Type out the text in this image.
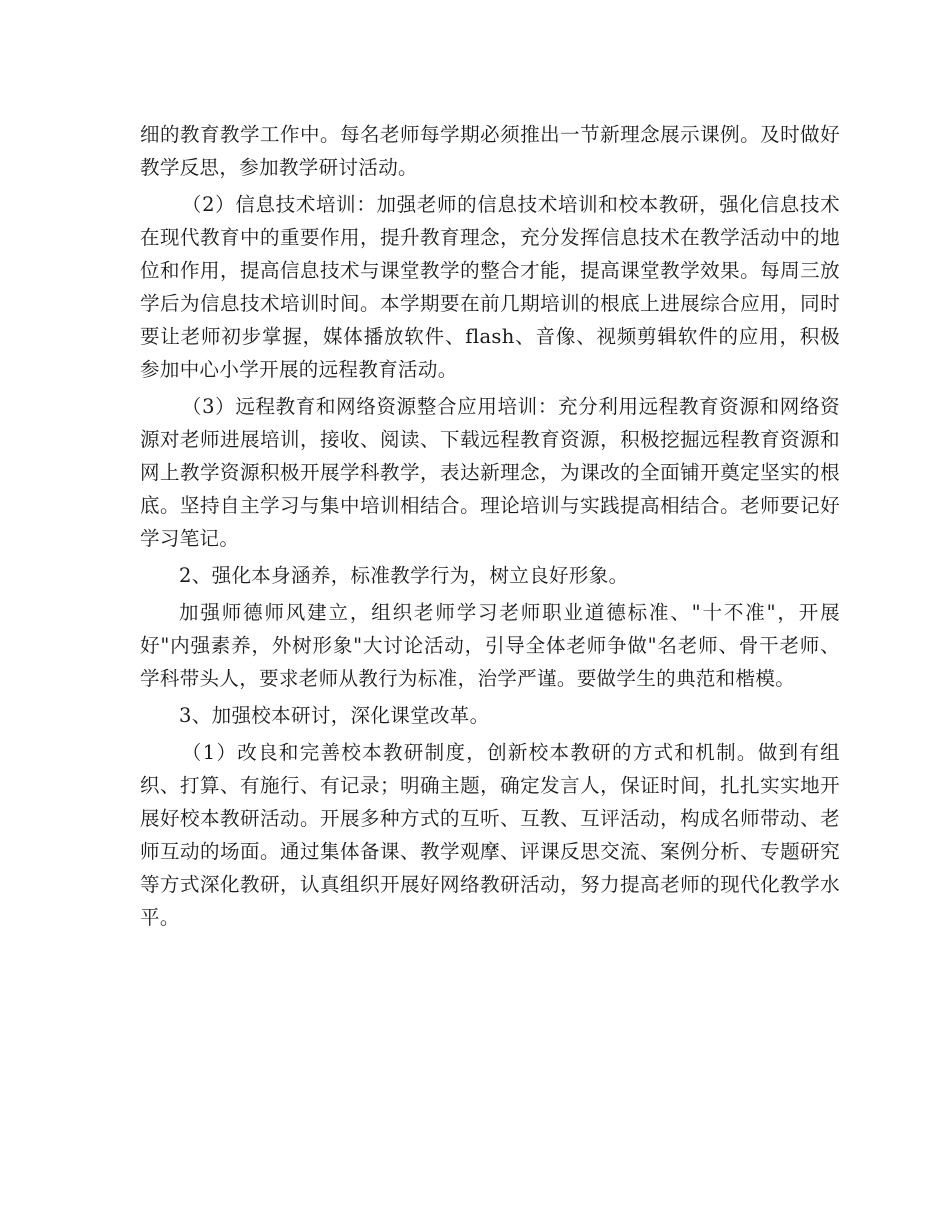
细的教育教学工作中。每名老师每学期必须推出一节新理念展示课例。及时做好教学反思，参加教学研讨活动。

（2）信息技术培训：加强老师的信息技术培训和校本教研，强化信息技术在现代教育中的重要作用，提升教育理念，充分发挥信息技术在教学活动中的地位和作用，提高信息技术与课堂教学的整合才能，提高课堂教学效果。每周三放学后为信息技术培训时间。本学期要在前几期培训的根底上进展综合应用，同时要让老师初步掌握，媒体播放软件、flash、音像、视频剪辑软件的应用，积极参加中心小学开展的远程教育活动。

（3）远程教育和网络资源整合应用培训：充分利用远程教育资源和网络资源对老师进展培训，接收、阅读、下载远程教育资源，积极挖掘远程教育资源和网上教学资源积极开展学科教学，表达新理念，为课改的全面铺开奠定坚实的根底。坚持自主学习与集中培训相结合。理论培训与实践提高相结合。老师要记好学习笔记。

2、强化本身涵养，标准教学行为，树立良好形象。

加强师德师风建立，组织老师学习老师职业道德标准、"十不准"，开展好"内强素养，外树形象"大讨论活动，引导全体老师争做"名老师、骨干老师、学科带头人，要求老师从教行为标准，治学严谨。要做学生的典范和楷模。

3、加强校本研讨，深化课堂改革。

（1）改良和完善校本教研制度，创新校本教研的方式和机制。做到有组织、打算、有施行、有记录；明确主题，确定发言人，保证时间，扎扎实实地开展好校本教研活动。开展多种方式的互听、互教、互评活动，构成名师带动、老师互动的场面。通过集体备课、教学观摩、评课反思交流、案例分析、专题研究等方式深化教研，认真组织开展好网络教研活动，努力提高老师的现代化教学水平。
